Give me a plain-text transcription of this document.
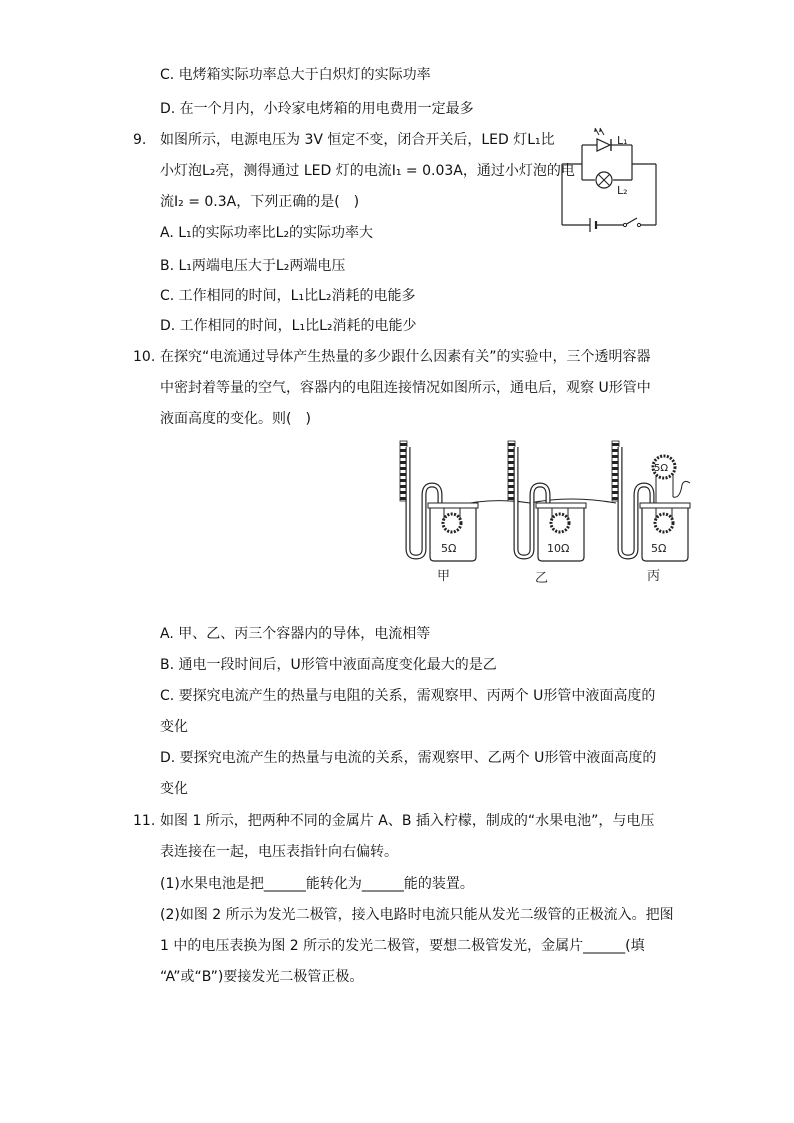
C. 电烤箱实际功率总大于白炽灯的实际功率
D. 在一个月内，小玲家电烤箱的用电费用一定最多
9. 如图所示，电源电压为 3V 恒定不变，闭合开关后，LED 灯L₁比
小灯泡L₂亮，测得通过 LED 灯的电流I₁ = 0.03A，通过小灯泡的电
流I₂ = 0.3A，下列正确的是(　)
A. L₁的实际功率比L₂的实际功率大
B. L₁两端电压大于L₂两端电压
C. 工作相同的时间，L₁比L₂消耗的电能多
D. 工作相同的时间，L₁比L₂消耗的电能少
L₁
L₂
10. 在探究“电流通过导体产生热量的多少跟什么因素有关”的实验中，三个透明容器
中密封着等量的空气，容器内的电阻连接情况如图所示，通电后，观察 U形管中
液面高度的变化。则(　)
5Ω	10Ω	5Ω
5Ω
甲	乙	丙
A. 甲、乙、丙三个容器内的导体，电流相等
B. 通电一段时间后，U形管中液面高度变化最大的是乙
C. 要探究电流产生的热量与电阻的关系，需观察甲、丙两个 U形管中液面高度的
变化
D. 要探究电流产生的热量与电流的关系，需观察甲、乙两个 U形管中液面高度的
变化
11. 如图 1 所示，把两种不同的金属片 A、B 插入柠檬，制成的“水果电池”，与电压
表连接在一起，电压表指针向右偏转。
(1)水果电池是把______能转化为______能的装置。
(2)如图 2 所示为发光二极管，接入电路时电流只能从发光二级管的正极流入。把图
1 中的电压表换为图 2 所示的发光二极管，要想二极管发光，金属片______(填
“A”或“B”)要接发光二极管正极。
